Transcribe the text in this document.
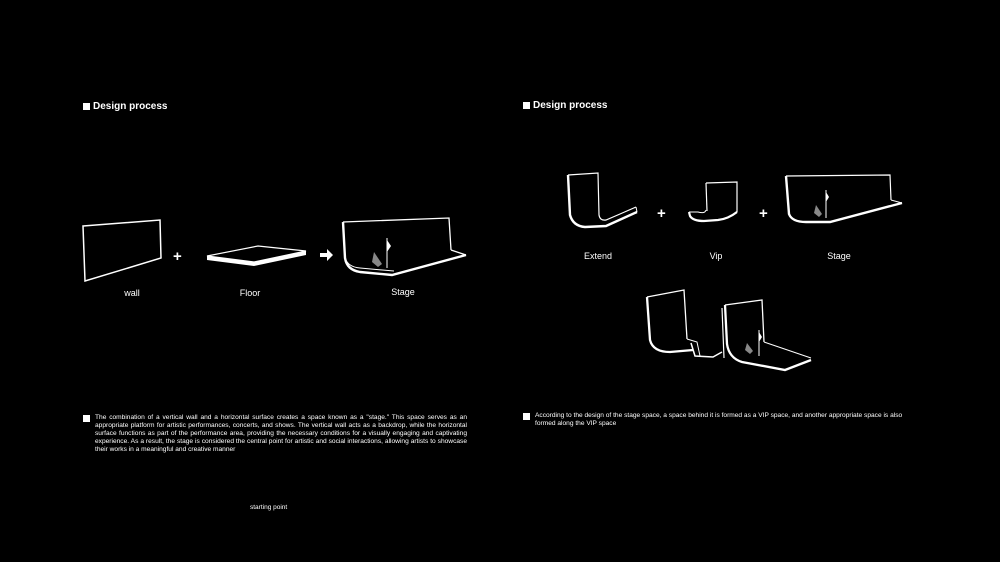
Design process
+
wall	Floor	Stage
The combination of a vertical wall and a horizontal surface creates a space known as a "stage." This space serves as an appropriate platform for artistic performances, concerts, and shows. The vertical wall acts as a backdrop, while the horizontal surface functions as part of the performance area, providing the necessary conditions for a visually engaging and captivating experience. As a result, the stage is considered the central point for artistic and social interactions, allowing artists to showcase their works in a meaningful and creative manner
starting point
Design process
+	+
Extend	Vip	Stage
According to the design of the stage space, a space behind it is formed as a VIP space, and another appropriate space is also formed along the VIP space
